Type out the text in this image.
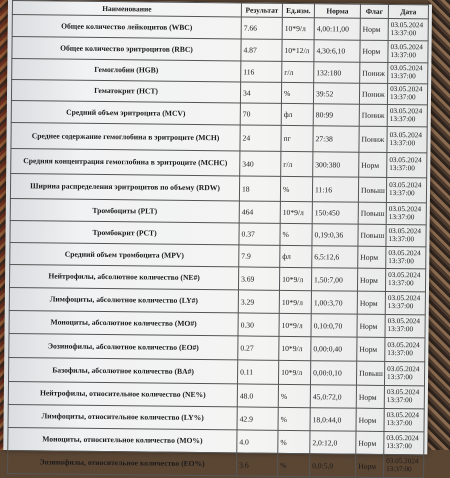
Наименование	Результат	Ед.изм.	Норма	Флаг	Дата
Общее количество лейкоцитов (WBC)	7.66	10*9/л	4,00:11,00	Норм	03.05.2024
13:37:00

Общее количество эритроцитов (RBC)	4.87	10*12/л	4,30:6,10	Норм	03.05.2024
13:37:00

Гемоглобин (HGB)	116	г/л	132:180	Пониж	03.05.2024
13:37:00

Гематокрит (HCT)	34	%	39:52	Пониж	03.05.2024
13:37:00

Средний объем эритроцита (MCV)	70	фл	80:99	Пониж	03.05.2024
13:37:00

Среднее содержание гемоглобина в эритроците (MCH)	24	пг	27:38	Пониж	03.05.2024
13:37:00

Средняя концентрация гемоглобина в эритроците (MCHC)	340	г/л	300:380	Норм	03.05.2024
13:37:00

Ширина распределения эритроцитов по объему (RDW)	18	%	11:16	Повыш	03.05.2024
13:37:00

Тромбоциты (PLT)	464	10*9/л	150:450	Повыш	03.05.2024
13:37:00

Тромбокрит (PCT)	0.37	%	0,19:0,36	Повыш	03.05.2024
13:37:00

Средний объем тромбоцита (MPV)	7.9	фл	6,5:12,6	Норм	03.05.2024
13:37:00

Нейтрофилы, абсолютное количество (NE#)	3.69	10*9/л	1,50:7,00	Норм	03.05.2024
13:37:00

Лимфоциты, абсолютное количество (LY#)	3.29	10*9/л	1,00:3,70	Норм	03.05.2024
13:37:00

Моноциты, абсолютное количество (MO#)	0.30	10*9/л	0,10:0,70	Норм	03.05.2024
13:37:00

Эозинофилы, абсолютное количество (EO#)	0.27	10*9/л	0,00:0,40	Норм	03.05.2024
13:37:00

Базофилы, абсолютное количество (BA#)	0.11	10*9/л	0,00:0,10	Повыш	03.05.2024
13:37:00

Нейтрофилы, относительное количество (NE%)	48.0	%	45,0:72,0	Норм	03.05.2024
13:37:00

Лимфоциты, относительное количество (LY%)	42.9	%	18,0:44,0	Норм	03.05.2024
13:37:00

Моноциты, относительное количество (MO%)	4.0	%	2,0:12,0	Норм	03.05.2024
13:37:00

Эозинофилы, относительное количество (EO%)	3.6	%	0,0:5,0	Норм	03.05.2024
13:37:00
